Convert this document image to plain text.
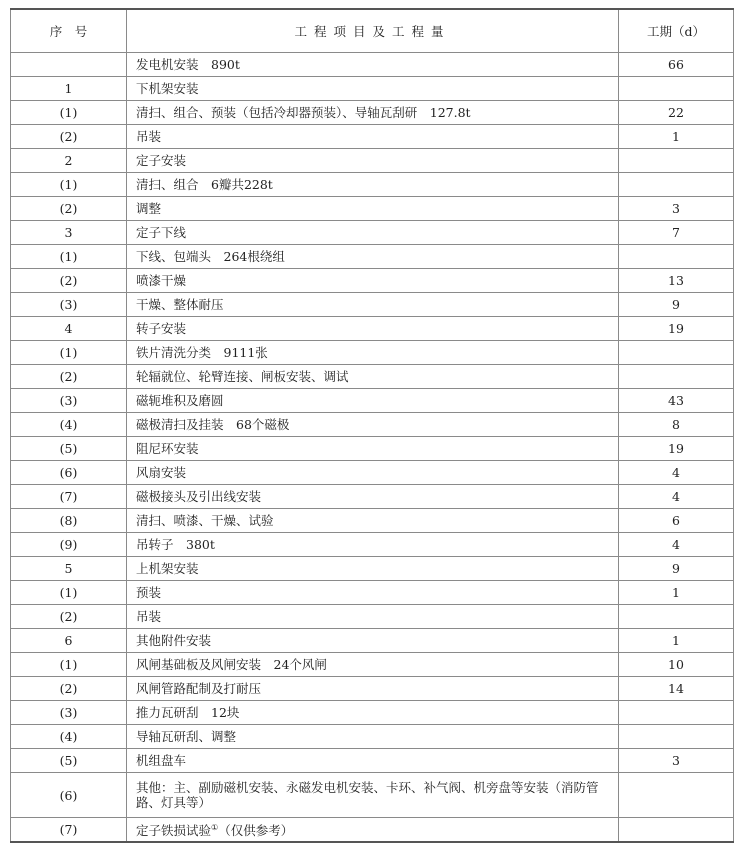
序　号	工程项目及工程量	工期（d）
	发电机安装　890t	66
1	下机架安装	
(1)	清扫、组合、预装（包括冷却器预装）、导轴瓦刮研　127.8t	22
(2)	吊装	1
2	定子安装	
(1)	清扫、组合　6瓣共228t	
(2)	调整	3
3	定子下线	7
(1)	下线、包端头　264根绕组	
(2)	喷漆干燥	13
(3)	干燥、整体耐压	9
4	转子安装	19
(1)	铁片清洗分类　9111张	
(2)	轮辐就位、轮臂连接、闸板安装、调试	
(3)	磁轭堆积及磨圆	43
(4)	磁极清扫及挂装　68个磁极	8
(5)	阻尼环安装	19
(6)	风扇安装	4
(7)	磁极接头及引出线安装	4
(8)	清扫、喷漆、干燥、试验	6
(9)	吊转子　380t	4
5	上机架安装	9
(1)	预装	1
(2)	吊装	
6	其他附件安装	1
(1)	风闸基础板及风闸安装　24个风闸	10
(2)	风闸管路配制及打耐压	14
(3)	推力瓦研刮　12块	
(4)	导轴瓦研刮、调整	
(5)	机组盘车	3
(6)	其他：主、副励磁机安装、永磁发电机安装、卡环、补气阀、机旁盘等安装（消防管路、灯具等）	
(7)	定子铁损试验①（仅供参考）	
